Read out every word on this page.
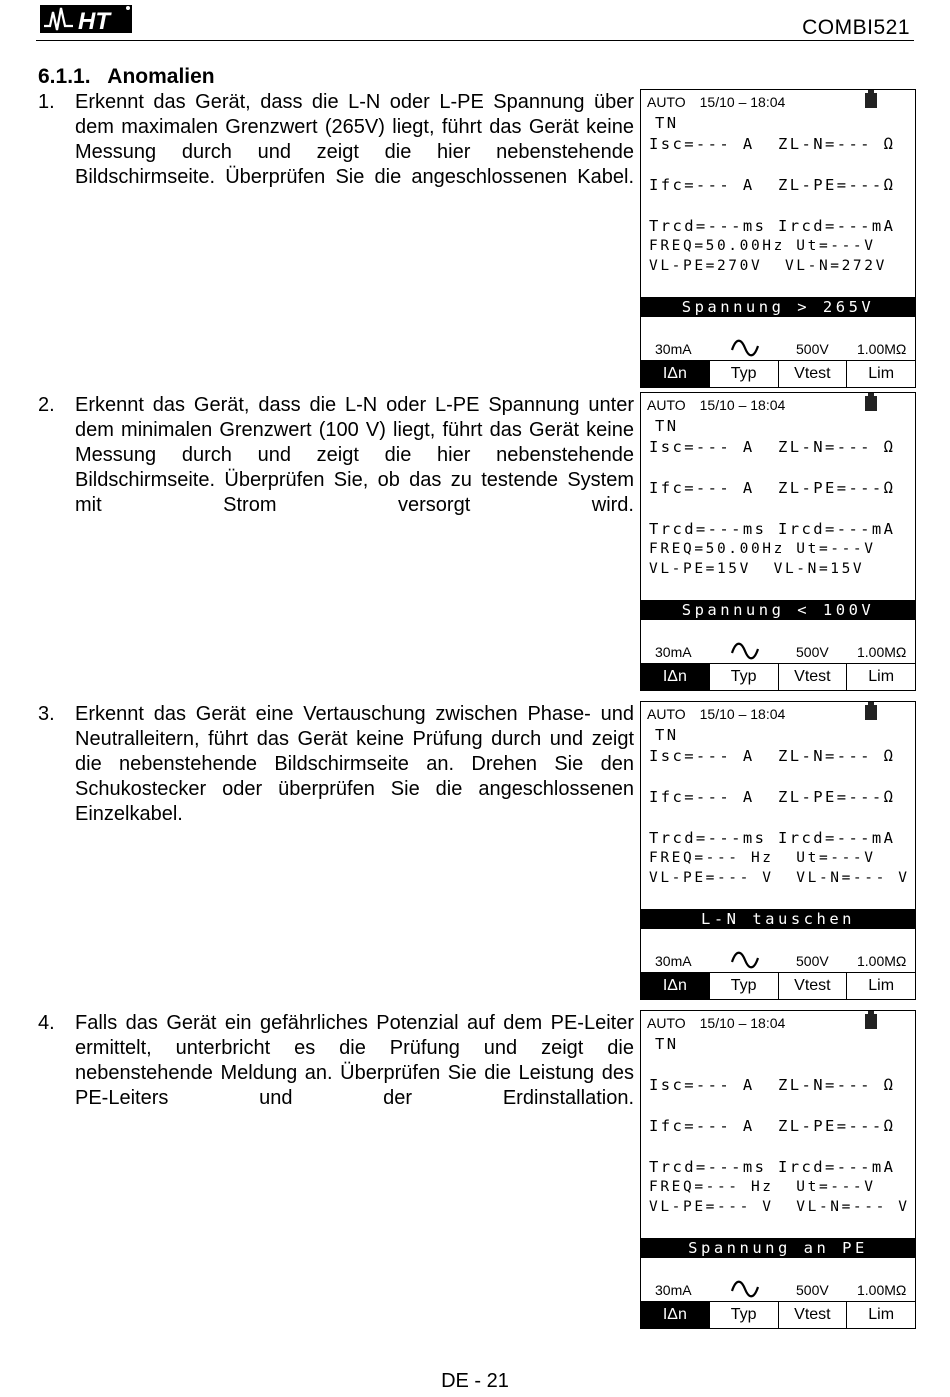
HT	COMBI521
6.1.1. Anomalien
1. Erkennt das Gerät, dass die L-N oder L-PE Spannung über dem maximalen Grenzwert (265V) liegt, führt das Gerät keine Messung durch und zeigt die hier nebenstehende Bildschirmseite. Überprüfen Sie die angeschlossenen Kabel.
2. Erkennt das Gerät, dass die L-N oder L-PE Spannung unter dem minimalen Grenzwert (100 V) liegt, führt das Gerät keine Messung durch und zeigt die hier nebenstehende Bildschirmseite. Überprüfen Sie, ob das zu testende System mit Strom versorgt wird.
3. Erkennt das Gerät eine Vertauschung zwischen Phase- und Neutralleitern, führt das Gerät keine Prüfung durch und zeigt die nebenstehende Bildschirmseite an. Drehen Sie den Schukostecker oder überprüfen Sie die angeschlossenen Einzelkabel.
4. Falls das Gerät ein gefährliches Potenzial auf dem PE-Leiter ermittelt, unterbricht es die Prüfung und zeigt die nebenstehende Meldung an. Überprüfen Sie die Leistung des PE-Leiters und der Erdinstallation.
AUTO 15/10 – 18:04
TN
Isc=--- A  ZL-N=--- Ω
Ifc=--- A  ZL-PE=---Ω
Trcd=---ms Ircd=---mA
FREQ=50.00Hz Ut=---V
VL-PE=270V  VL-N=272V
Spannung > 265V
30mA	500V 1.00MΩ
IΔn	Typ	Vtest	Lim
AUTO 15/10 – 18:04
TN
Isc=--- A  ZL-N=--- Ω
Ifc=--- A  ZL-PE=---Ω
Trcd=---ms Ircd=---mA
FREQ=50.00Hz Ut=---V
VL-PE=15V  VL-N=15V
Spannung < 100V
30mA	500V 1.00MΩ
IΔn	Typ	Vtest	Lim
AUTO 15/10 – 18:04
TN
Isc=--- A  ZL-N=--- Ω
Ifc=--- A  ZL-PE=---Ω
Trcd=---ms Ircd=---mA
FREQ=--- Hz  Ut=---V
VL-PE=--- V  VL-N=--- V
L-N tauschen
30mA	500V 1.00MΩ
IΔn	Typ	Vtest	Lim
AUTO 15/10 – 18:04
TN
Isc=--- A  ZL-N=--- Ω
Ifc=--- A  ZL-PE=---Ω
Trcd=---ms Ircd=---mA
FREQ=--- Hz  Ut=---V
VL-PE=--- V  VL-N=--- V
Spannung an PE
30mA	500V 1.00MΩ
IΔn	Typ	Vtest	Lim
DE - 21
